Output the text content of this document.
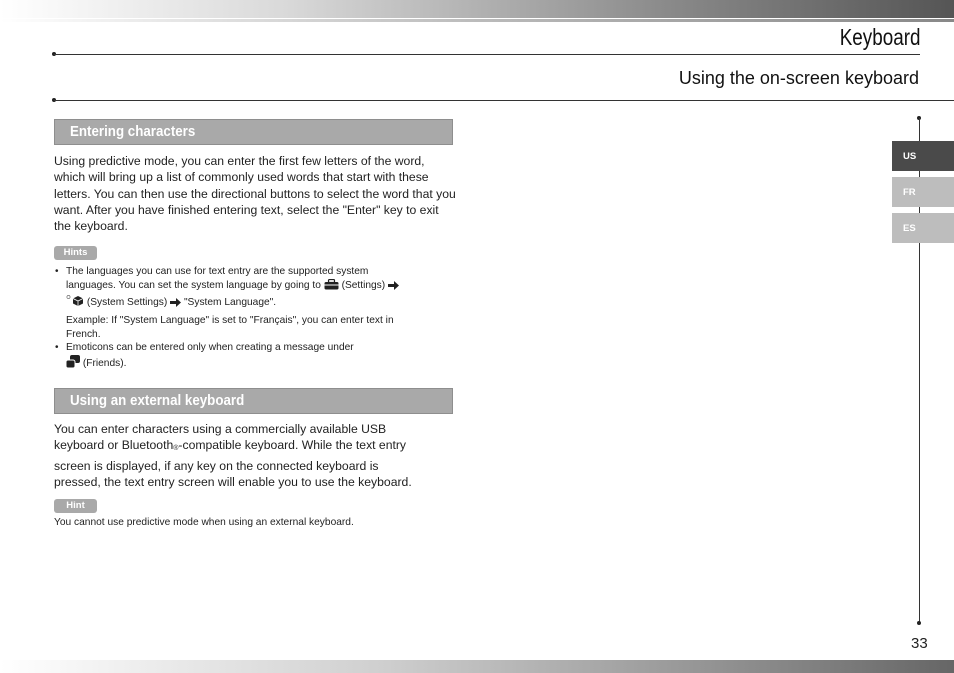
Keyboard
Using the on-screen keyboard
Entering characters
Using predictive mode, you can enter the first few letters of the word, which will bring up a list of commonly used words that start with these letters. You can then use the directional buttons to select the word that you want. After you have finished entering text, select the "Enter" key to exit the keyboard.
Hints
• The languages you can use for text entry are the supported system
languages. You can set the system language by going to (Settings)
(System Settings) "System Language".
Example: If "System Language" is set to "Français", you can enter text in
French.
• Emoticons can be entered only when creating a message under
(Friends).
Using an external keyboard
You can enter characters using a commercially available USB
keyboard or Bluetooth$_®$-compatible keyboard. While the text entry
screen is displayed, if any key on the connected keyboard is
pressed, the text entry screen will enable you to use the keyboard.
Hint
You cannot use predictive mode when using an external keyboard.
US
FR
ES
33
